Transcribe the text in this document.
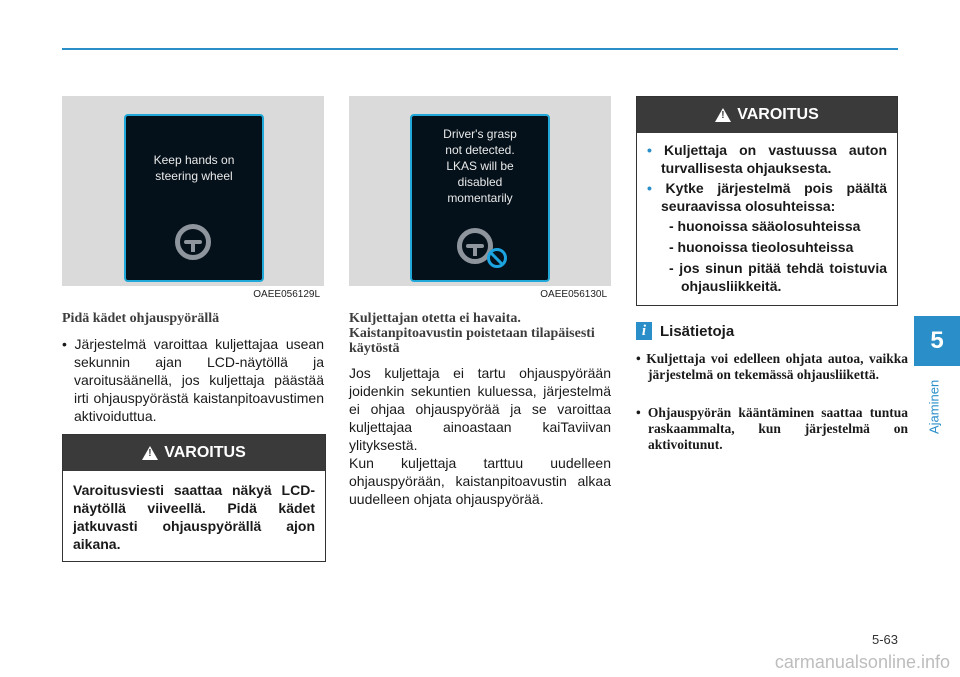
5
Ajaminen
Keep hands on
steering wheel
OAEE056129L
Driver's grasp
not detected.
LKAS will be
disabled
momentarily
OAEE056130L
Pidä kädet ohjauspyörällä
• Järjestelmä varoittaa kuljettajaa usean sekunnin ajan LCD-näytöllä ja varoitusäänellä, jos kuljettaja päästää irti ohjauspyörästä kaistanpitoavustimen aktivoiduttua.
! VAROITUS
Varoitusviesti saattaa näkyä LCD-näytöllä viiveellä. Pidä kädet jatkuvasti ohjauspyörällä ajon aikana.
Kuljettajan otetta ei havaita. Kaistanpitoavustin poistetaan tilapäisesti käytöstä

Jos kuljettaja ei tartu ohjauspyörään joidenkin sekuntien kuluessa, järjestelmä ei ohjaa ohjauspyörää ja se varoittaa kuljettajaa ainoastaan kaiTaviivan ylityksestä.

Kun kuljettaja tarttuu uudelleen ohjauspyörään, kaistanpitoavustin alkaa uudelleen ohjata ohjauspyörää.

! VAROITUS
• Kuljettaja on vastuussa auton turvallisesta ohjauksesta.
• Kytke järjestelmä pois päältä seuraavissa olosuhteissa:
- huonoissa sääolosuhteissa
- huonoissa tieolosuhteissa
- jos sinun pitää tehdä toistuvia ohjausliikkeitä.
i Lisätietoja
• Kuljettaja voi edelleen ohjata autoa, vaikka järjestelmä on tekemässä ohjausliikettä.
• Ohjauspyörän kääntäminen saattaa tuntua raskaammalta, kun järjestelmä on aktivoitunut.
5-63
carmanualsonline.info
